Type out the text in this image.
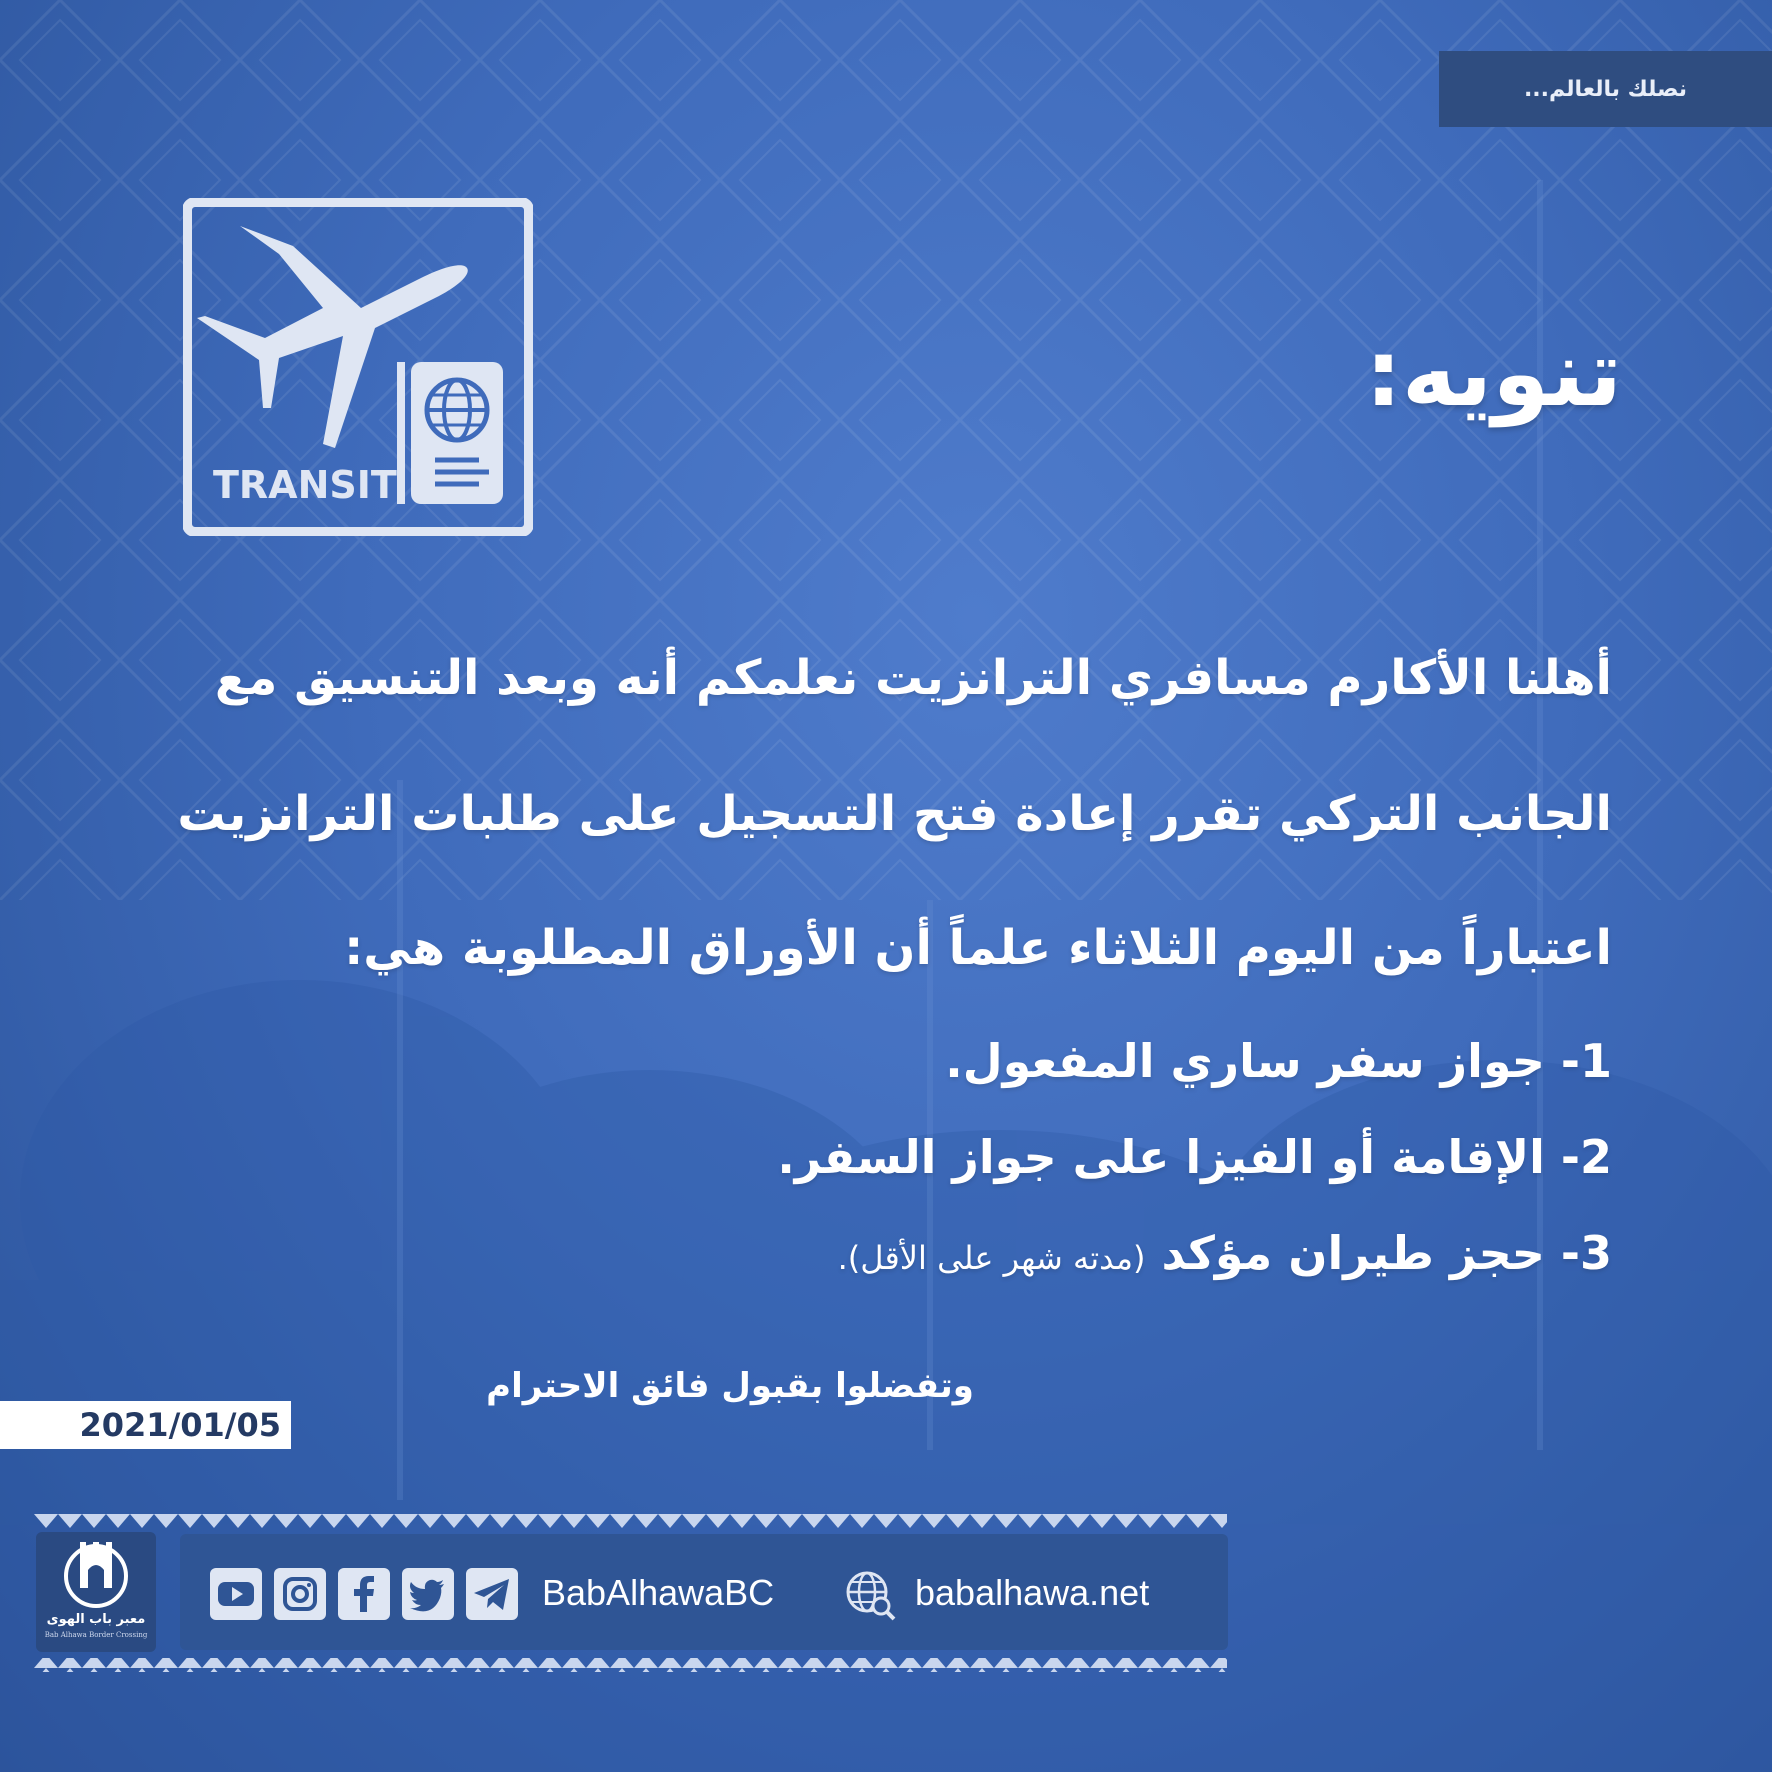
نصلك بالعالم...
TRANSIT
تنويه:

أهلنا الأكارم مسافري الترانزيت نعلمكم أنه وبعد التنسيق مع

الجانب التركي تقرر إعادة فتح التسجيل على طلبات الترانزيت

اعتباراً من اليوم الثلاثاء علماً أن الأوراق المطلوبة هي:

1- جواز سفر ساري المفعول.

2- الإقامة أو الفيزا على جواز السفر.

3- حجز طيران مؤكد (مدته شهر على الأقل).

وتفضلوا بقبول فائق الاحترام

2021/01/05
معبر باب الهوى
Bab Alhawa Border Crossing
BabAlhawaBC	babalhawa.net
